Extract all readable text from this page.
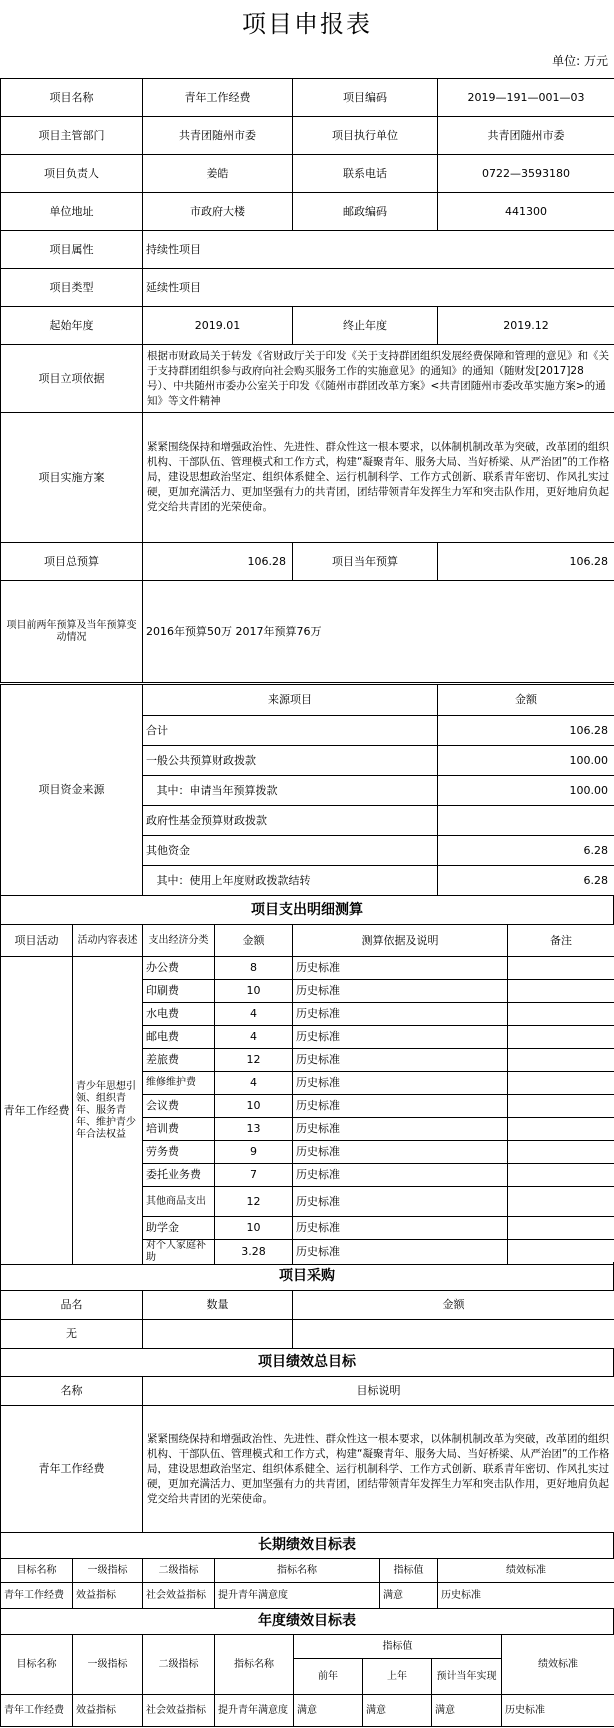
项目申报表
单位: 万元
项目名称	青年工作经费	项目编码	2019—191—001—03
项目主管部门	共青团随州市委	项目执行单位	共青团随州市委
项目负责人	姜皓	联系电话	0722—3593180
单位地址	市政府大楼	邮政编码	441300
项目属性	持续性项目		
项目类型	延续性项目		
起始年度	2019.01	终止年度	2019.12
项目立项依据	根据市财政局关于转发《省财政厅关于印发《关于支持群团组织发展经费保障和管理的意见》和《关于支持群团组织参与政府向社会购买服务工作的实施意见》的通知》的通知（随财发[2017]28号）、中共随州市委办公室关于印发《《随州市群团改革方案》<共青团随州市委改革实施方案>的通知》等文件精神		
项目实施方案	紧紧围绕保持和增强政治性、先进性、群众性这一根本要求，以体制机制改革为突破，改革团的组织机构、干部队伍、管理模式和工作方式，构建“凝聚青年、服务大局、当好桥梁、从严治团”的工作格局，建设思想政治坚定、组织体系健全、运行机制科学、工作方式创新、联系青年密切、作风扎实过硬，更加充满活力、更加坚强有力的共青团，团结带领青年发挥生力军和突击队作用，更好地肩负起党交给共青团的光荣使命。		
项目总预算	106.28	项目当年预算	106.28
项目前两年预算及当年预算变动情况	2016年预算50万 2017年预算76万		
项目资金来源	来源项目	金额
	合计	106.28
	一般公共预算财政拨款	100.00
	其中：申请当年预算拨款	100.00
	政府性基金预算财政拨款	
	其他资金	6.28
	其中：使用上年度财政拨款结转	6.28
项目支出明细测算
项目活动	活动内容表述	支出经济分类	金额	测算依据及说明	备注
青年工作经费	青少年思想引领、组织青年、服务青年、维护青少年合法权益	办公费	8	历史标准	
		印刷费	10	历史标准	
		水电费	4	历史标准	
		邮电费	4	历史标准	
		差旅费	12	历史标准	
		维修维护费	4	历史标准	
		会议费	10	历史标准	
		培训费	13	历史标准	
		劳务费	9	历史标准	
		委托业务费	7	历史标准	
		其他商品支出	12	历史标准	
		助学金	10	历史标准	
		对个人家庭补助	3.28	历史标准	
项目采购
品名	数量	金额
无		
项目绩效总目标
名称	目标说明
青年工作经费	紧紧围绕保持和增强政治性、先进性、群众性这一根本要求，以体制机制改革为突破，改革团的组织机构、干部队伍、管理模式和工作方式，构建“凝聚青年、服务大局、当好桥梁、从严治团”的工作格局，建设思想政治坚定、组织体系健全、运行机制科学、工作方式创新、联系青年密切、作风扎实过硬，更加充满活力、更加坚强有力的共青团，团结带领青年发挥生力军和突击队作用，更好地肩负起党交给共青团的光荣使命。
长期绩效目标表
目标名称	一级指标	二级指标	指标名称	指标值	绩效标准
青年工作经费	效益指标	社会效益指标	提升青年满意度	满意	历史标准
年度绩效目标表
目标名称	一级指标	二级指标	指标名称	指标值			绩效标准
				前年	上年	预计当年实现	
青年工作经费	效益指标	社会效益指标	提升青年满意度	满意	满意	满意	历史标准
